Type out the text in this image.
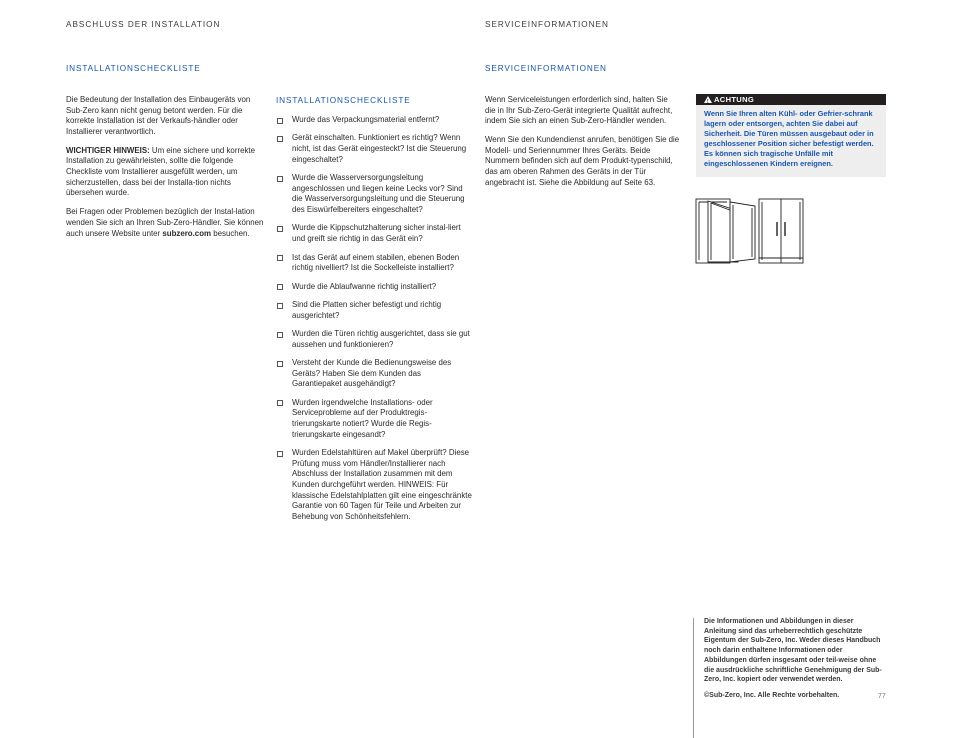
ABSCHLUSS DER INSTALLATION	SERVICEINFORMATIONEN
INSTALLATIONSCHECKLISTE	SERVICEINFORMATIONEN

Die Bedeutung der Installation des Einbaugeräts von Sub-Zero kann nicht genug betont werden. Für die korrekte Installation ist der Verkaufs-händler oder Installierer verantwortlich.

WICHTIGER HINWEIS: Um eine sichere und korrekte Installation zu gewährleisten, sollte die folgende Checkliste vom Installierer ausgefüllt werden, um sicherzustellen, dass bei der Installa-tion nichts übersehen wurde.

Bei Fragen oder Problemen bezüglich der Instal-lation wenden Sie sich an Ihren Sub-Zero-Händler. Sie können auch unsere Website unter subzero.com besuchen.

INSTALLATIONSCHECKLISTE
Wurde das Verpackungsmaterial entfernt?
Gerät einschalten. Funktioniert es richtig? Wenn nicht, ist das Gerät eingesteckt? Ist die Steuerung eingeschaltet?
Wurde die Wasserversorgungsleitung angeschlossen und liegen keine Lecks vor? Sind die Wasserversorgungsleitung und die Steuerung des Eiswürfelbereiters eingeschaltet?
Wurde die Kippschutzhalterung sicher instal-liert und greift sie richtig in das Gerät ein?
Ist das Gerät auf einem stabilen, ebenen Boden richtig nivelliert? Ist die Sockelleiste installiert?
Wurde die Ablaufwanne richtig installiert?
Sind die Platten sicher befestigt und richtig ausgerichtet?
Wurden die Türen richtig ausgerichtet, dass sie gut aussehen und funktionieren?
Versteht der Kunde die Bedienungsweise des Geräts? Haben Sie dem Kunden das Garantiepaket ausgehändigt?
Wurden irgendwelche Installations- oder Serviceprobleme auf der Produktregis-trierungskarte notiert? Wurde die Regis-trierungskarte eingesandt?
Wurden Edelstahltüren auf Makel überprüft? Diese Prüfung muss vom Händler/Installierer nach Abschluss der Installation zusammen mit dem Kunden durchgeführt werden. HINWEIS: Für klassische Edelstahlplatten gilt eine eingeschränkte Garantie von 60 Tagen für Teile und Arbeiten zur Behebung von Schönheitsfehlern.

Wenn Serviceleistungen erforderlich sind, halten Sie die in Ihr Sub-Zero-Gerät integrierte Qualität aufrecht, indem Sie sich an einen Sub-Zero-Händler wenden.

Wenn Sie den Kundendienst anrufen, benötigen Sie die Modell- und Seriennummer Ihres Geräts. Beide Nummern befinden sich auf dem Produkt-typenschild, das am oberen Rahmen des Geräts in der Tür angebracht ist. Siehe die Abbildung auf Seite 63.

!ACHTUNG
Wenn Sie Ihren alten Kühl- oder Gefrier-schrank lagern oder entsorgen, achten Sie dabei auf Sicherheit. Die Türen müssen ausgebaut oder in geschlossener Position sicher befestigt werden. Es können sich tragische Unfälle mit eingeschlossenen Kindern ereignen.

Die Informationen und Abbildungen in dieser Anleitung sind das urheberrechtlich geschützte Eigentum der Sub-Zero, Inc. Weder dieses Handbuch noch darin enthaltene Informationen oder Abbildungen dürfen insgesamt oder teil-weise ohne die ausdrückliche schriftliche Genehmigung der Sub-Zero, Inc. kopiert oder verwendet werden.

©Sub-Zero, Inc. Alle Rechte vorbehalten.	77
